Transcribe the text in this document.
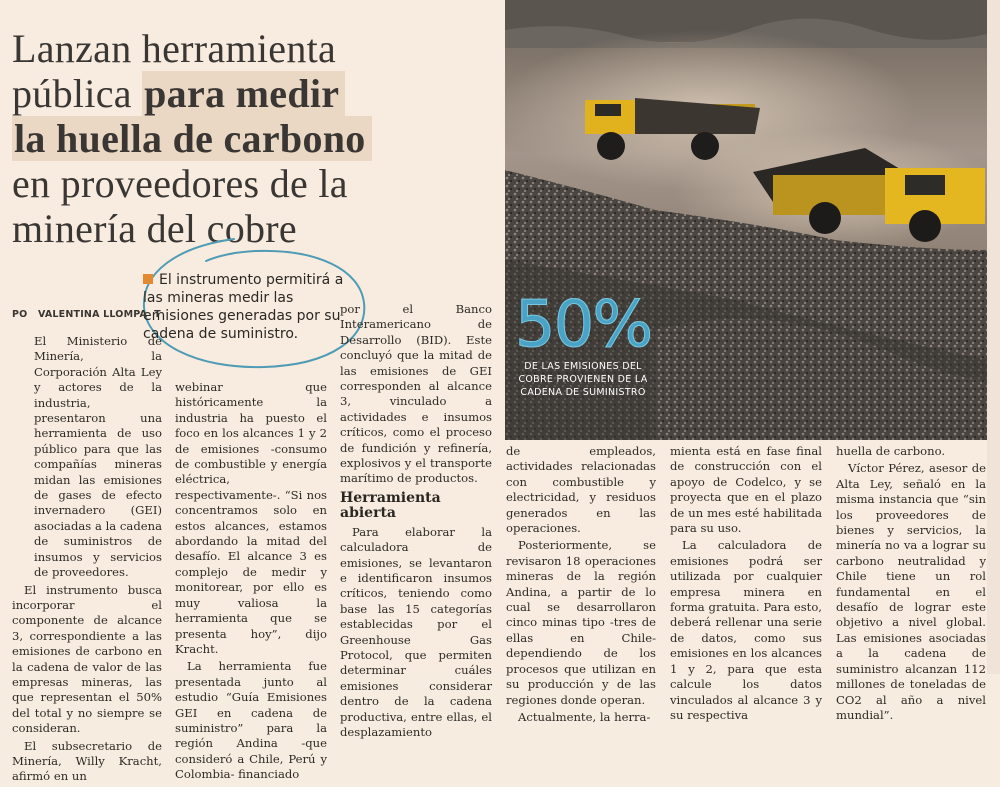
Lanzan herramienta
pública para medir
la huella de carbono
en proveedores de la
minería del cobre
El instrumento permitirá a las mineras medir las emisiones generadas por su cadena de suministro.
PO   VALENTINA LLOMPA  T

El Ministerio de Minería, la Corporación Alta Ley y actores de la industria, presentaron una herramienta de uso público para que las compañías mineras midan las emisiones de gases de efecto invernadero (GEI) asociadas a la cadena de suministros de insumos y servicios de proveedores.

El instrumento busca incorporar el componente de alcance 3, correspondiente a las emisiones de carbono en la cadena de valor de las empresas mineras, las que representan el 50% del total y no siempre se consideran.

El subsecretario de Minería, Willy Kracht, afirmó en un

webinar que históricamente la industria ha puesto el foco en los alcances 1 y 2 de emisiones -consumo de combustible y energía eléctrica, respectivamente-. “Si nos concentramos solo en estos alcances, estamos abordando la mitad del desafío. El alcance 3 es complejo de medir y monitorear, por ello es muy valiosa la herramienta que se presenta hoy”, dijo Kracht.

La herramienta fue presentada junto al estudio “Guía Emisiones GEI en cadena de suministro” para la región Andina -que consideró a Chile, Perú y Colombia- financiado

por el Banco Interamericano de Desarrollo (BID). Este concluyó que la mitad de las emisiones de GEI corresponden al alcance 3, vinculado a actividades e insumos críticos, como el proceso de fundición y refinería, explosivos y el transporte marítimo de productos.

Herramienta abierta

Para elaborar la calculadora de emisiones, se levantaron e identificaron insumos críticos, teniendo como base las 15 categorías establecidas por el Greenhouse Gas Protocol, que permiten determinar cuáles emisiones considerar dentro de la cadena productiva, entre ellas, el desplazamiento

50%
DE LAS EMISIONES DEL COBRE PROVIENEN DE LA CADENA DE SUMINISTRO

de empleados, actividades relacionadas con combustible y electricidad, y residuos generados en las operaciones.

Posteriormente, se revisaron 18 operaciones mineras de la región Andina, a partir de lo cual se desarrollaron cinco minas tipo -tres de ellas en Chile- dependiendo de los procesos que utilizan en su producción y de las regiones donde operan.

Actualmente, la herra-

mienta está en fase final de construcción con el apoyo de Codelco, y se proyecta que en el plazo de un mes esté habilitada para su uso.

La calculadora de emisiones podrá ser utilizada por cualquier empresa minera en forma gratuita. Para esto, deberá rellenar una serie de datos, como sus emisiones en los alcances 1 y 2, para que esta calcule los datos vinculados al alcance 3 y su respectiva

huella de carbono.

Víctor Pérez, asesor de Alta Ley, señaló en la misma instancia que “sin los proveedores de bienes y servicios, la minería no va a lograr su carbono neutralidad y Chile tiene un rol fundamental en el desafío de lograr este objetivo a nivel global. Las emisiones asociadas a la cadena de suministro alcanzan 112 millones de toneladas de CO2 al año a nivel mundial”.
